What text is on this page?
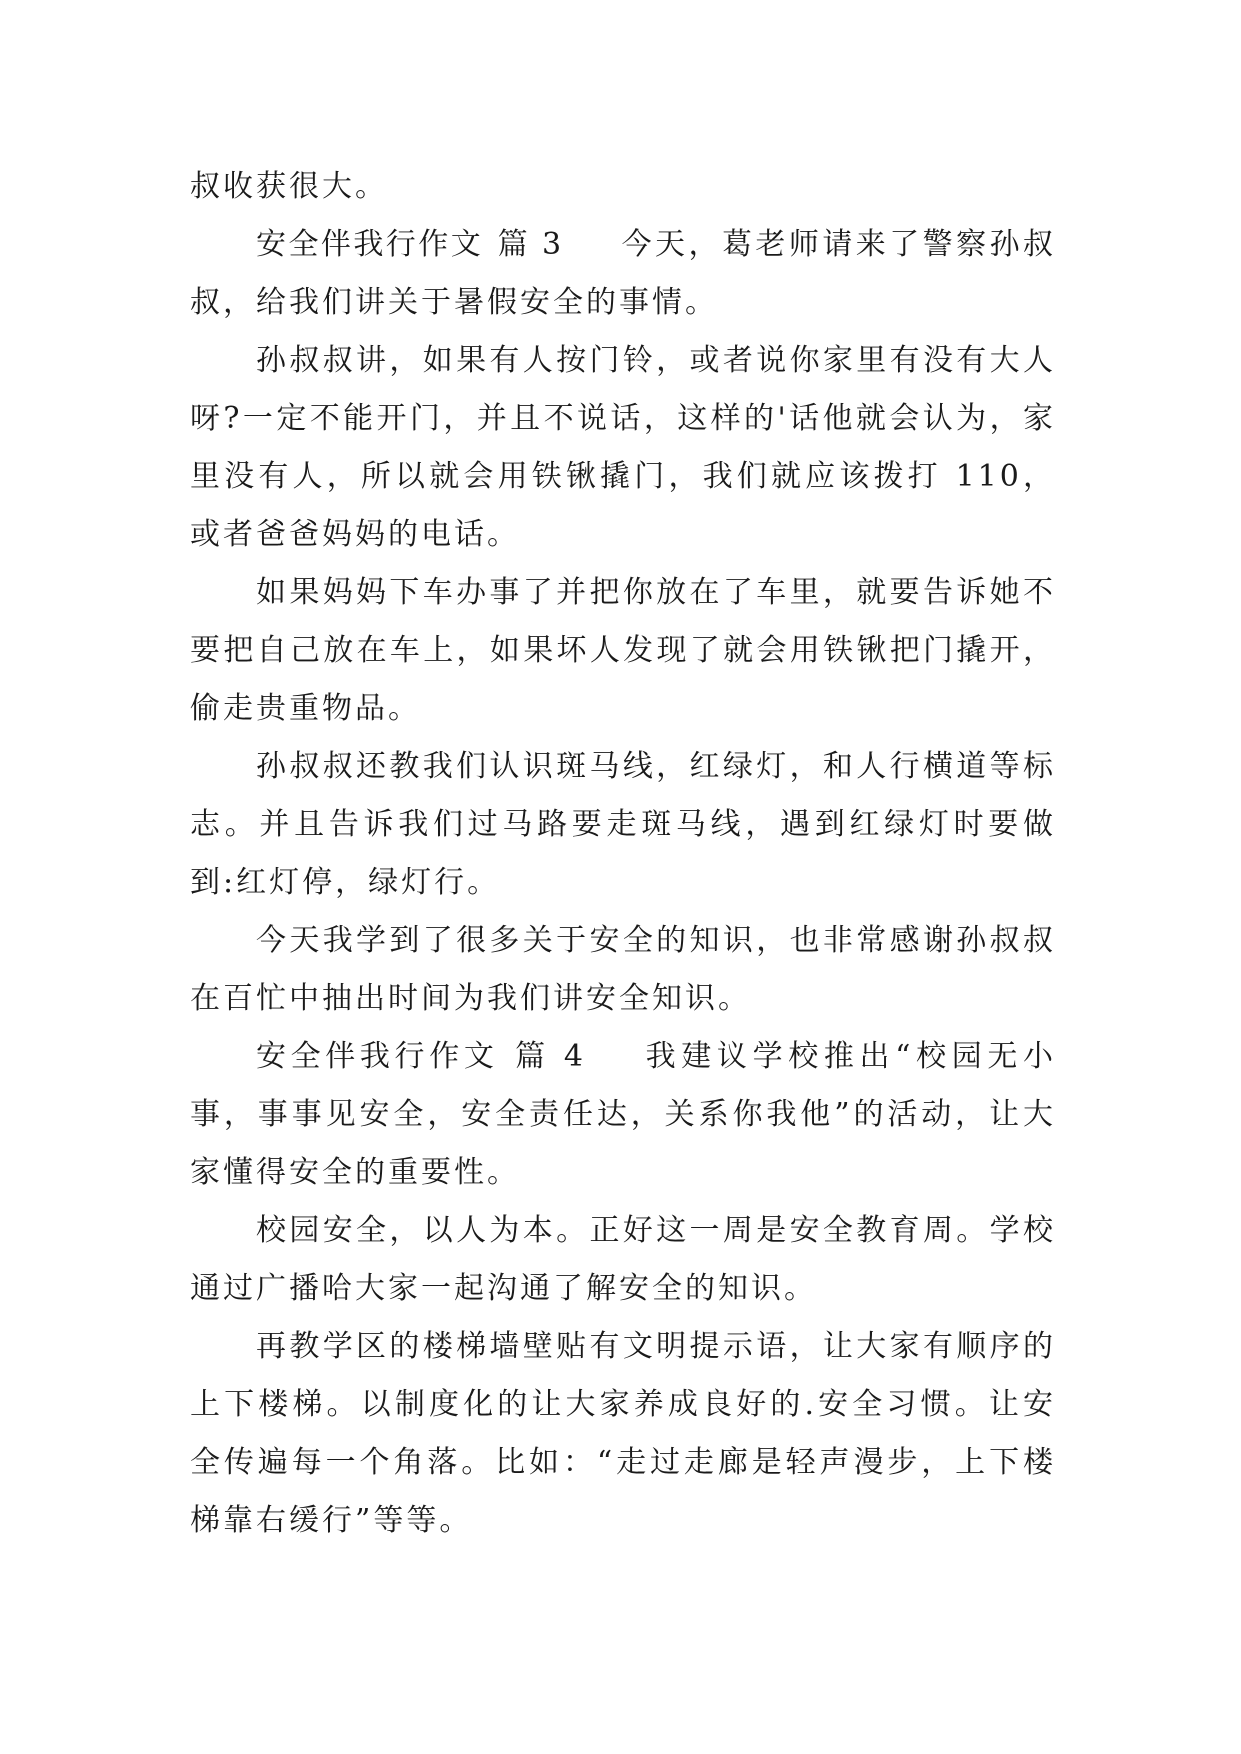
叔收获很大。

安全伴我行作文 篇 3 今天，葛老师请来了警察孙叔叔，给我们讲关于暑假安全的事情。

孙叔叔讲，如果有人按门铃，或者说你家里有没有大人呀?一定不能开门，并且不说话，这样的'话他就会认为，家里没有人，所以就会用铁锹撬门，我们就应该拨打 110，或者爸爸妈妈的电话。

如果妈妈下车办事了并把你放在了车里，就要告诉她不要把自己放在车上，如果坏人发现了就会用铁锹把门撬开，偷走贵重物品。

孙叔叔还教我们认识斑马线，红绿灯，和人行横道等标志。并且告诉我们过马路要走斑马线，遇到红绿灯时要做到:红灯停，绿灯行。

今天我学到了很多关于安全的知识，也非常感谢孙叔叔在百忙中抽出时间为我们讲安全知识。

安全伴我行作文 篇 4 我建议学校推出“校园无小事，事事见安全，安全责任达，关系你我他”的活动，让大家懂得安全的重要性。

校园安全，以人为本。正好这一周是安全教育周。学校通过广播哈大家一起沟通了解安全的知识。

再教学区的楼梯墙壁贴有文明提示语，让大家有顺序的上下楼梯。以制度化的让大家养成良好的.安全习惯。让安全传遍每一个角落。比如：“走过走廊是轻声漫步，上下楼梯靠右缓行”等等。
